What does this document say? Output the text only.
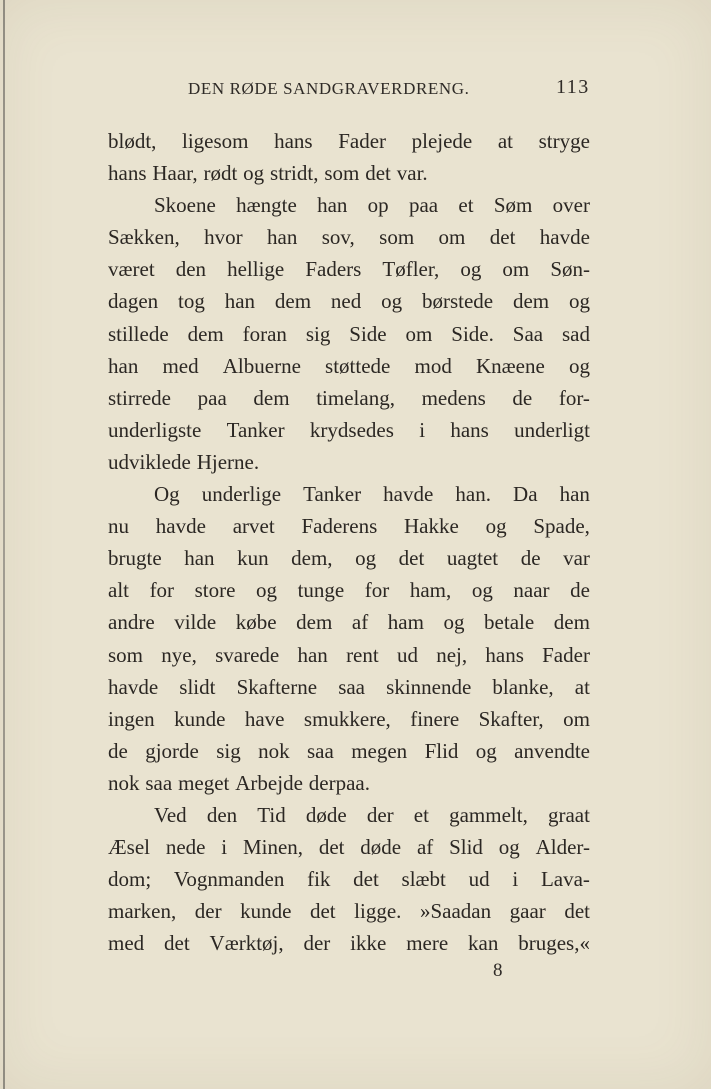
DEN RØDE SANDGRAVERDRENG.	113
blødt, ligesom hans Fader plejede at stryge
hans Haar, rødt og stridt, som det var.
Skoene hængte han op paa et Søm over
Sækken, hvor han sov, som om det havde
været den hellige Faders Tøfler, og om Søn-
dagen tog han dem ned og børstede dem og
stillede dem foran sig Side om Side. Saa sad
han med Albuerne støttede mod Knæene og
stirrede paa dem timelang, medens de for-
underligste Tanker krydsedes i hans underligt
udviklede Hjerne.
Og underlige Tanker havde han. Da han
nu havde arvet Faderens Hakke og Spade,
brugte han kun dem, og det uagtet de var
alt for store og tunge for ham, og naar de
andre vilde købe dem af ham og betale dem
som nye, svarede han rent ud nej, hans Fader
havde slidt Skafterne saa skinnende blanke, at
ingen kunde have smukkere, finere Skafter, om
de gjorde sig nok saa megen Flid og anvendte
nok saa meget Arbejde derpaa.
Ved den Tid døde der et gammelt, graat
Æsel nede i Minen, det døde af Slid og Alder-
dom; Vognmanden fik det slæbt ud i Lava-
marken, der kunde det ligge. »Saadan gaar det
med det Værktøj, der ikke mere kan bruges,«
8
